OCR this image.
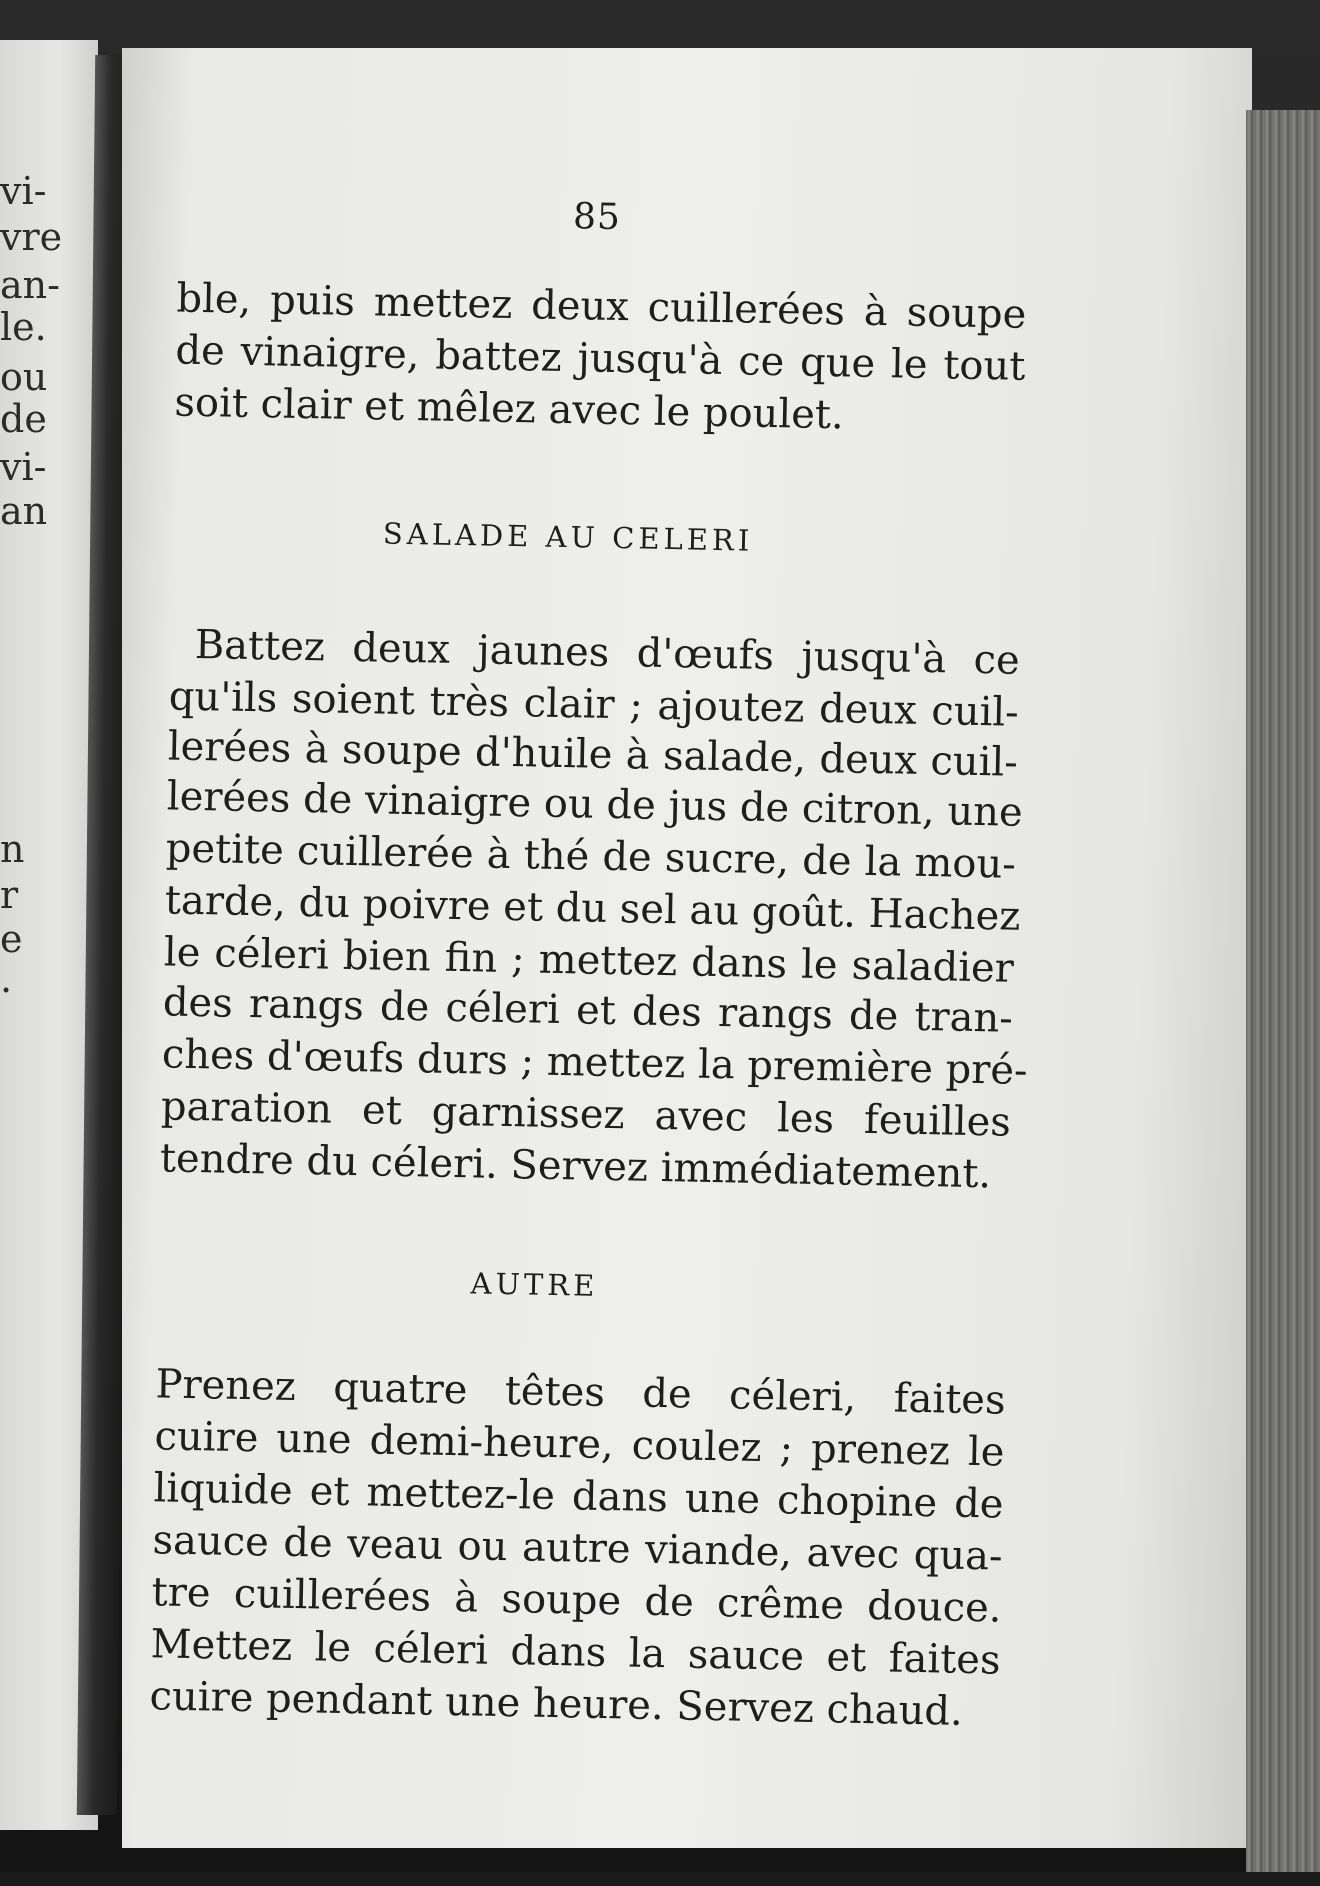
vi-
vre
an-
le.
ou
de
vi-
an
n
r
e
.
85
ble, puis mettez deux cuillerées à soupe
de vinaigre, battez jusqu'à ce que le tout
soit clair et mêlez avec le poulet.
SALADE AU CELERI
Battez deux jaunes d'œufs jusqu'à ce
qu'ils soient très clair ; ajoutez deux cuil-
lerées à soupe d'huile à salade, deux cuil-
lerées de vinaigre ou de jus de citron, une
petite cuillerée à thé de sucre, de la mou-
tarde, du poivre et du sel au goût. Hachez
le céleri bien fin ; mettez dans le saladier
des rangs de céleri et des rangs de tran-
ches d'œufs durs ; mettez la première pré-
paration et garnissez avec les feuilles
tendre du céleri. Servez immédiatement.
AUTRE
Prenez quatre têtes de céleri, faites
cuire une demi-heure, coulez ; prenez le
liquide et mettez-le dans une chopine de
sauce de veau ou autre viande, avec qua-
tre cuillerées à soupe de crême douce.
Mettez le céleri dans la sauce et faites
cuire pendant une heure. Servez chaud.
